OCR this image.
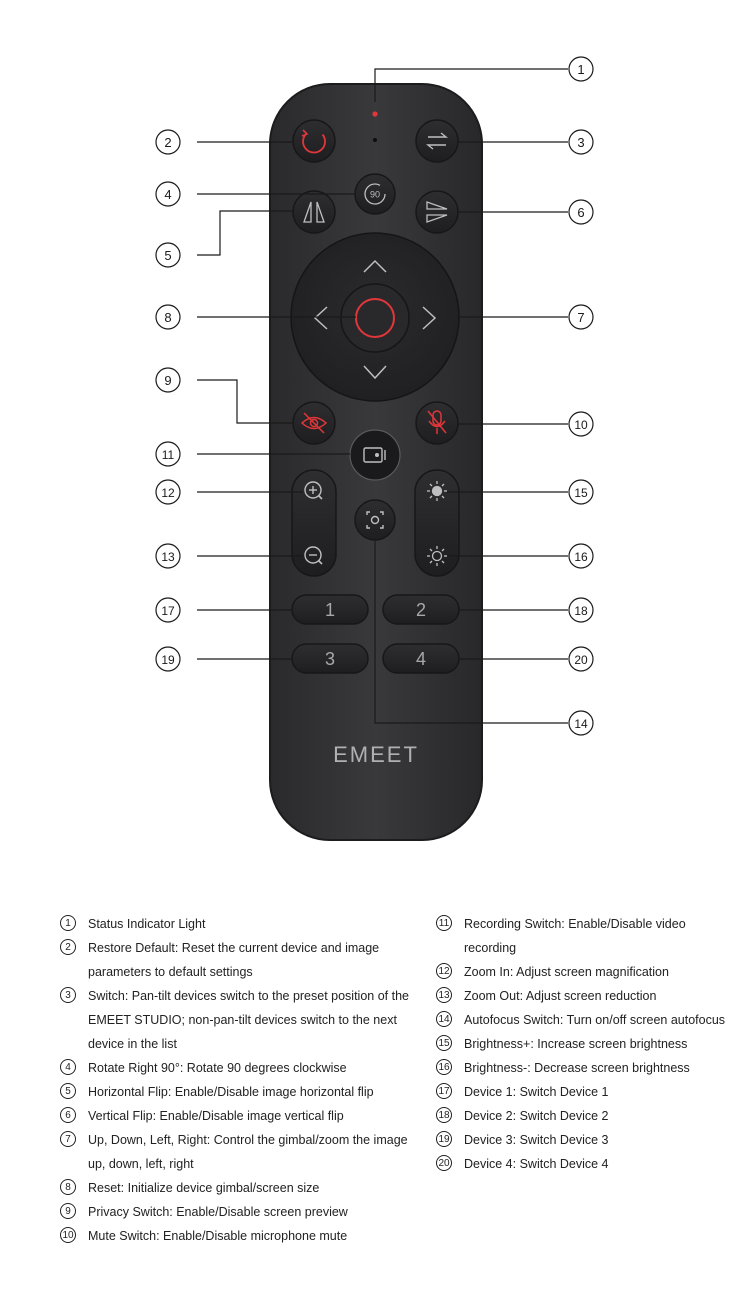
90
1	2
3	4
EMEET
1
2	3
4
5
6
7
8
9
10
11
12
13
14
15
16
17	18
19	20
1	Status Indicator Light
2	Restore Default: Reset the current device and image parameters to default settings
3	Switch: Pan-tilt devices switch to the preset position of the EMEET STUDIO; non-pan-tilt devices switch to the next device in the list
4	Rotate Right 90°: Rotate 90 degrees clockwise
5	Horizontal Flip: Enable/Disable image horizontal flip
6	Vertical Flip: Enable/Disable image vertical flip
7	Up, Down, Left, Right: Control the gimbal/zoom the image up, down, left, right
8	Reset: Initialize device gimbal/screen size
9	Privacy Switch: Enable/Disable screen preview
10 Mute Switch: Enable/Disable microphone mute
11 Recording Switch: Enable/Disable video recording
12 Zoom In: Adjust screen magnification
13 Zoom Out: Adjust screen reduction
14 Autofocus Switch: Turn on/off screen autofocus
15 Brightness+: Increase screen brightness
16 Brightness-: Decrease screen brightness
17 Device 1: Switch Device 1
18 Device 2: Switch Device 2
19 Device 3: Switch Device 3
20 Device 4: Switch Device 4
